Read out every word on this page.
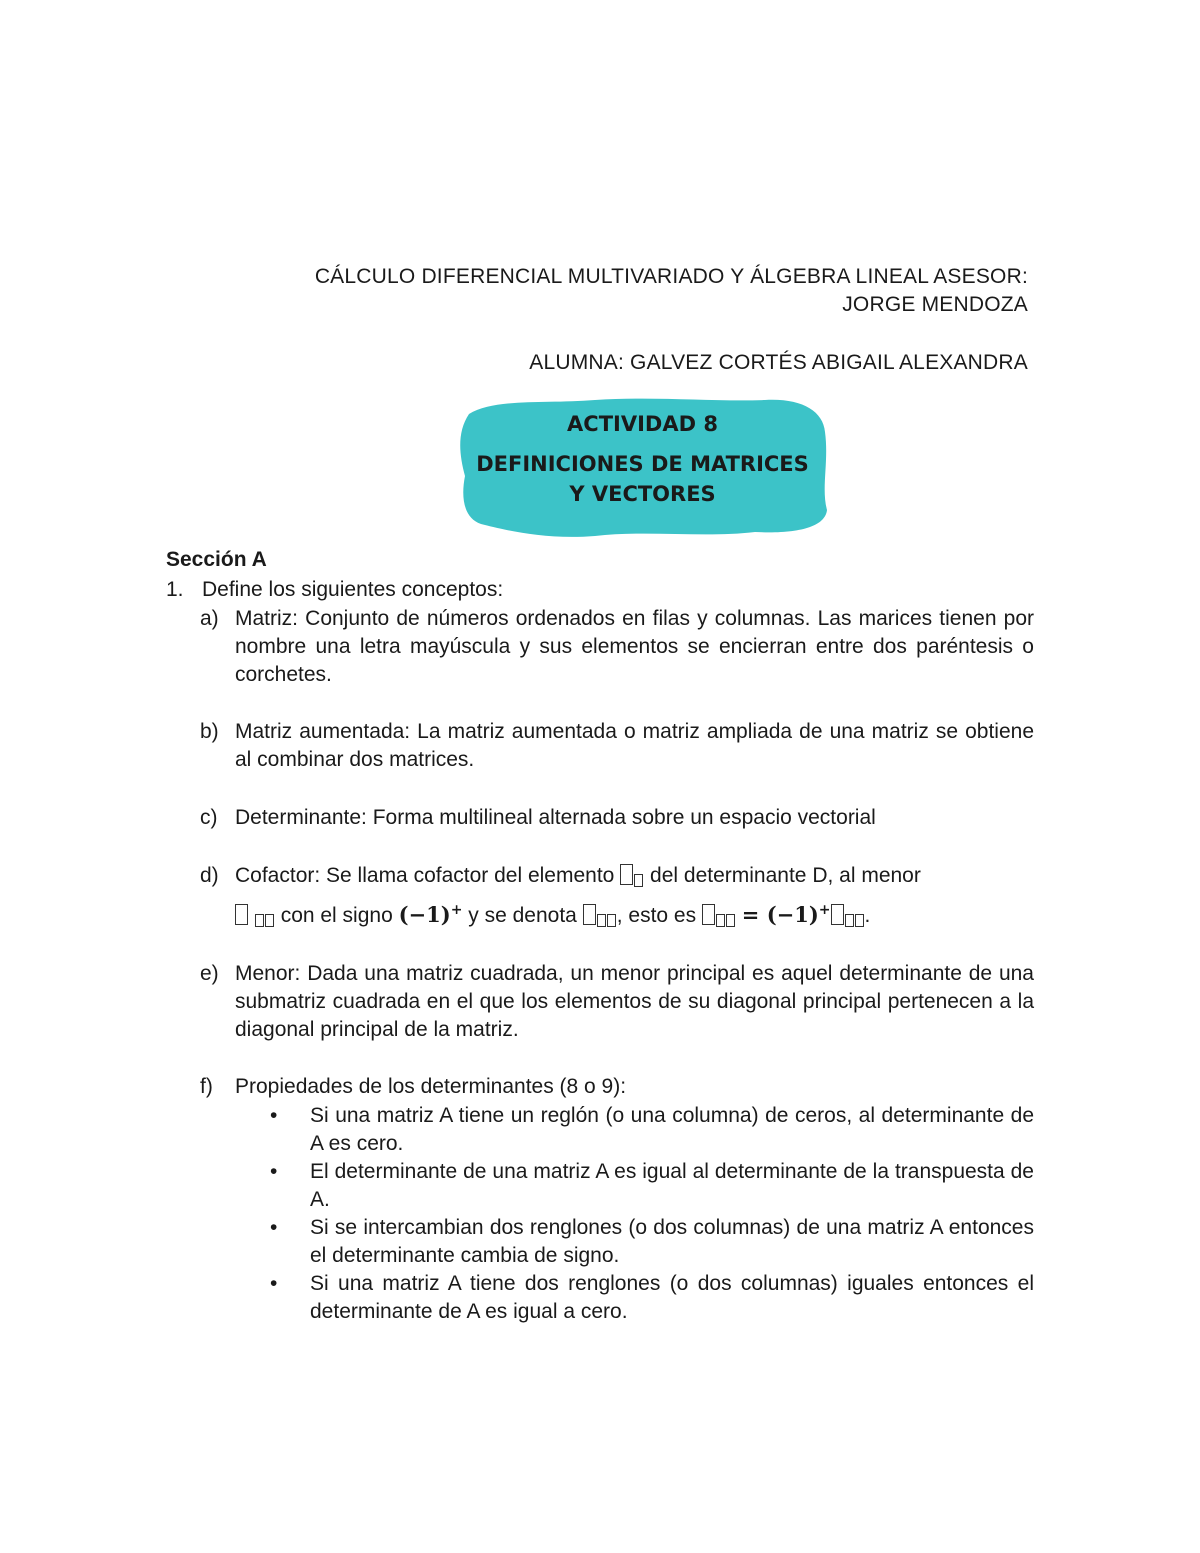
CÁLCULO DIFERENCIAL MULTIVARIADO Y ÁLGEBRA LINEAL ASESOR:
JORGE MENDOZA
ALUMNA: GALVEZ CORTÉS ABIGAIL ALEXANDRA
ACTIVIDAD 8
DEFINICIONES DE MATRICES
Y VECTORES
Sección A
1. Define los siguientes conceptos:
a) Matriz: Conjunto de números ordenados en filas y columnas. Las marices tienen por nombre una letra mayúscula y sus elementos se encierran entre dos paréntesis o corchetes.
b) Matriz aumentada: La matriz aumentada o matriz ampliada de una matriz se obtiene al combinar dos matrices.
c) Determinante: Forma multilineal alternada sobre un espacio vectorial
d) Cofactor: Se llama cofactor del elemento del determinante D, al menor
con el signo (−1)+ y se denota , esto es = (−1)+ .
e) Menor: Dada una matriz cuadrada, un menor principal es aquel determinante de una submatriz cuadrada en el que los elementos de su diagonal principal pertenecen a la diagonal principal de la matriz.
f)	Propiedades de los determinantes (8 o 9):
•	Si una matriz A tiene un reglón (o una columna) de ceros, al determinante de A es cero.
•	El determinante de una matriz A es igual al determinante de la transpuesta de A.
•	Si se intercambian dos renglones (o dos columnas) de una matriz A entonces el determinante cambia de signo.
•	Si una matriz A tiene dos renglones (o dos columnas) iguales entonces el determinante de A es igual a cero.
